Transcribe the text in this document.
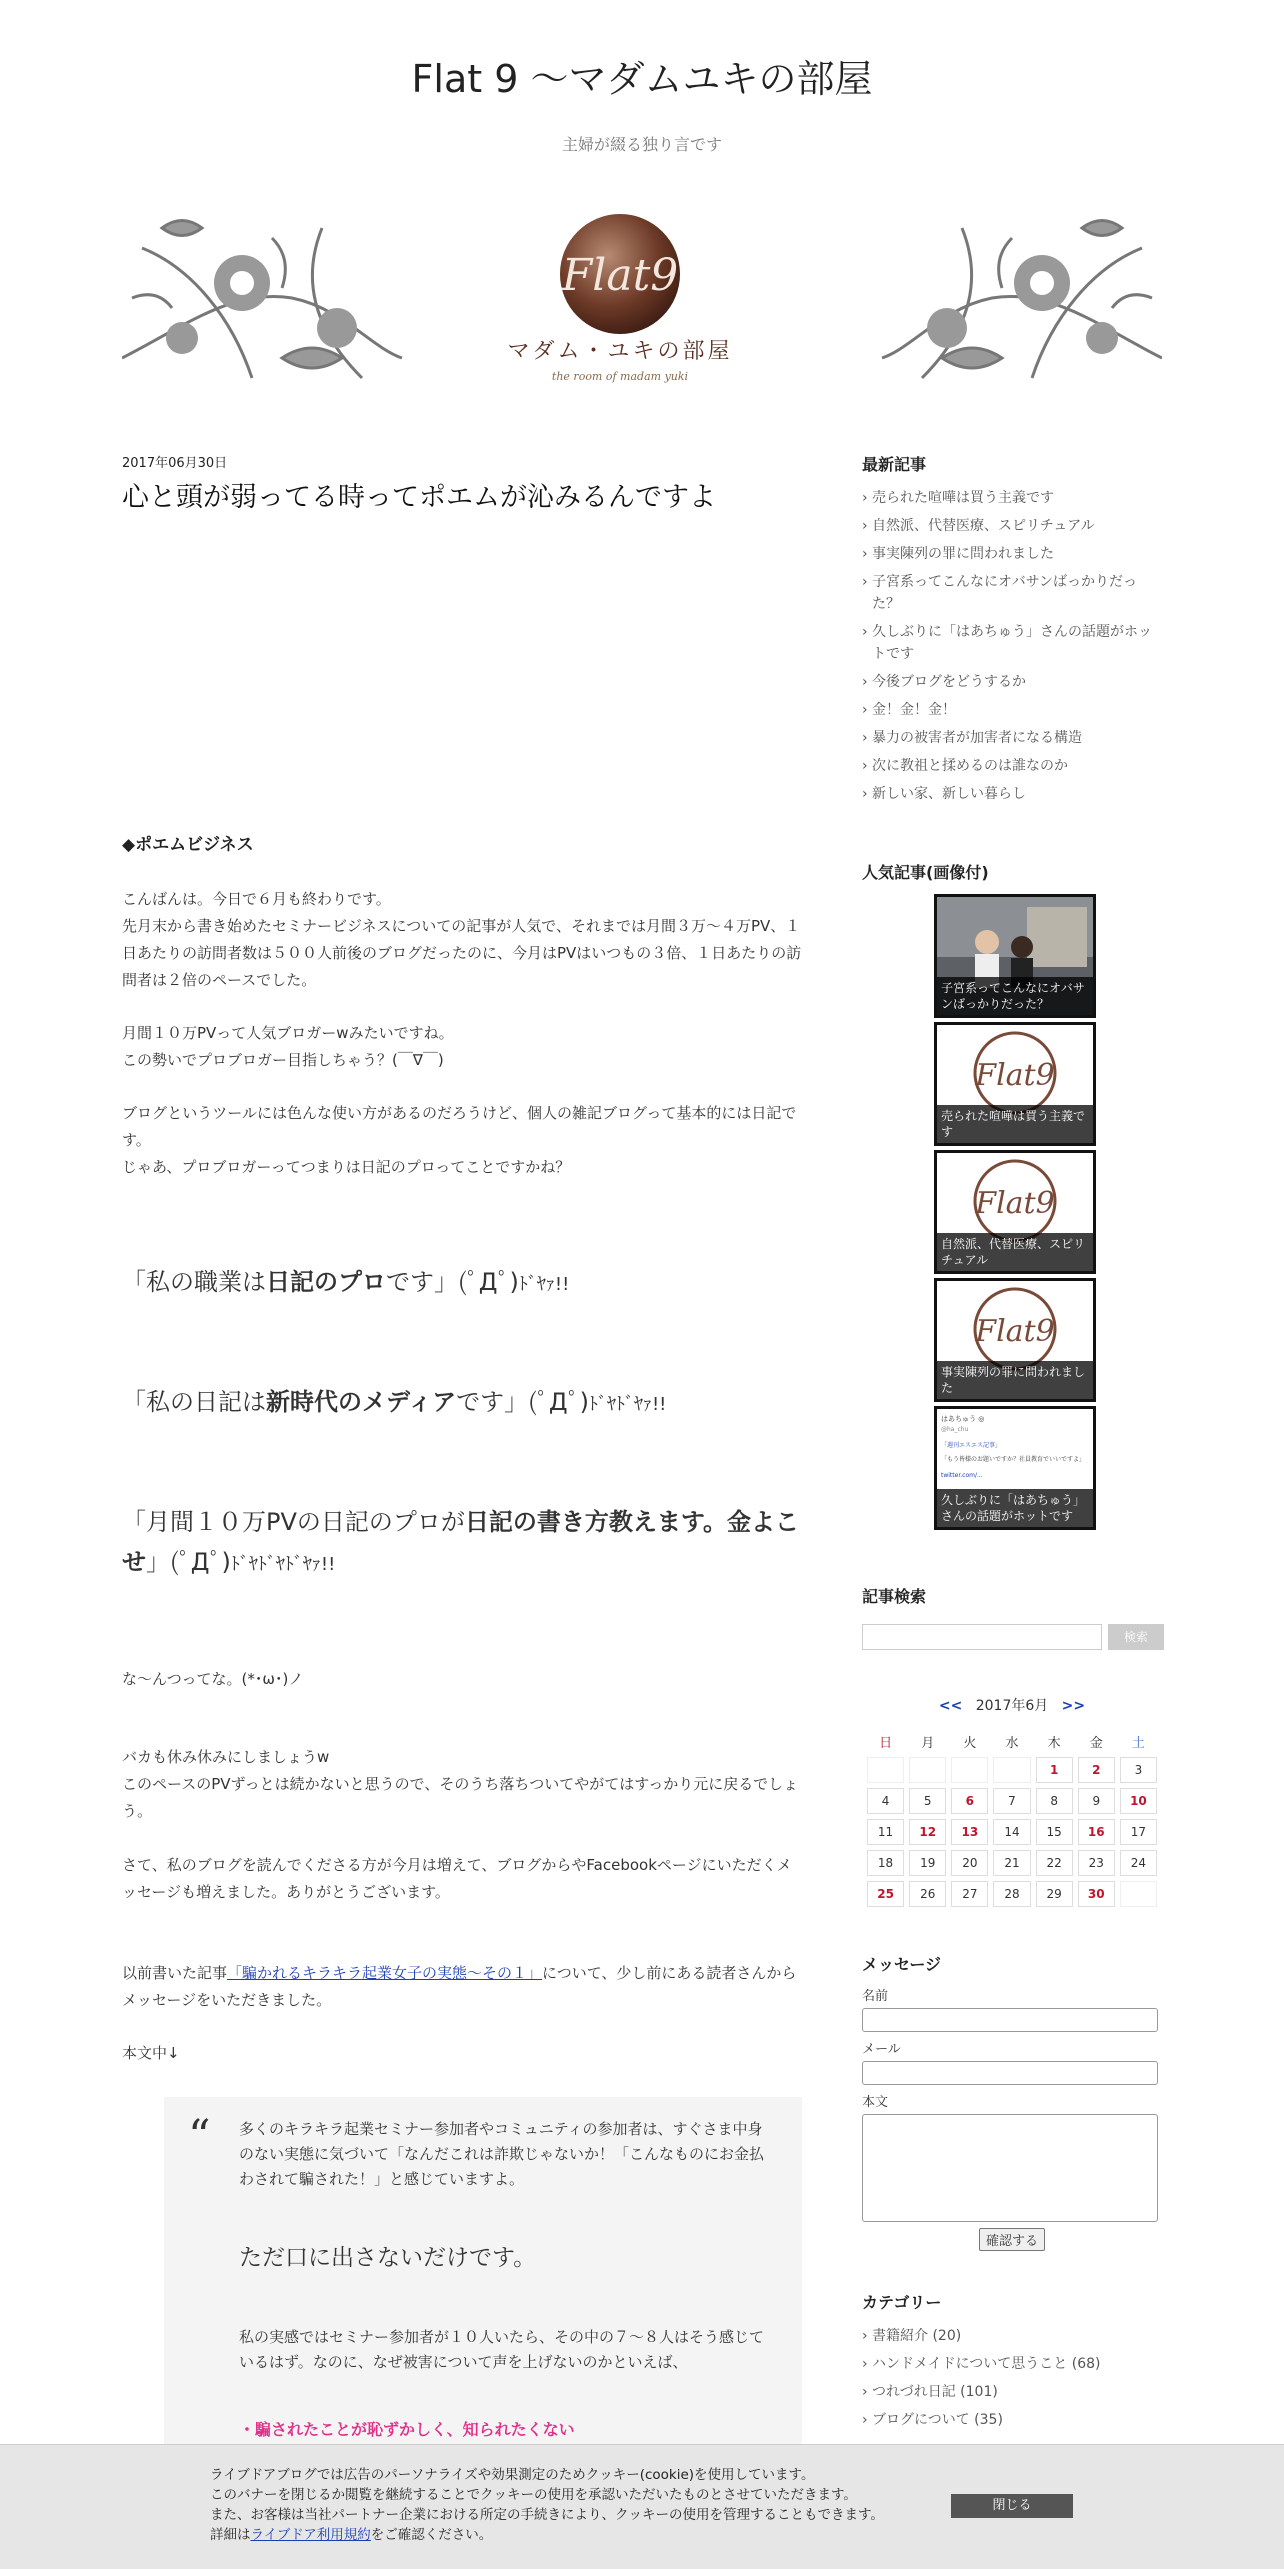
Flat 9 〜マダムユキの部屋
主婦が綴る独り言です
Flat9
マダム・ユキの部屋
the room of madam yuki
2017年06月30日
心と頭が弱ってる時ってポエムが沁みるんですよ
◆ポエムビジネス
こんばんは。今日で６月も終わりです。
先月末から書き始めたセミナービジネスについての記事が人気で、それまでは月間３万〜４万PV、１日あたりの訪問者数は５００人前後のブログだったのに、今月はPVはいつもの３倍、１日あたりの訪問者は２倍のペースでした。
月間１０万PVって人気ブロガーwみたいですね。
この勢いでプロブロガー目指しちゃう？(￣∇￣)
ブログというツールには色んな使い方があるのだろうけど、個人の雑記ブログって基本的には日記です。
じゃあ、プロブロガーってつまりは日記のプロってことですかね？
「私の職業は日記のプロです」(ﾟДﾟ)ﾄﾞﾔｧ!!
「私の日記は新時代のメディアです」(ﾟДﾟ)ﾄﾞﾔﾄﾞﾔｧ!!
「月間１０万PVの日記のプロが日記の書き方教えます。金よこせ」(ﾟДﾟ)ﾄﾞﾔﾄﾞﾔﾄﾞﾔｧ!!
な〜んつってな。(*･ω･)ノ
バカも休み休みにしましょうw
このペースのPVずっとは続かないと思うので、そのうち落ちついてやがてはすっかり元に戻るでしょう。
さて、私のブログを読んでくださる方が今月は増えて、ブログからやFacebookページにいただくメッセージも増えました。ありがとうございます。
以前書いた記事「騙かれるキラキラ起業女子の実態〜その１」について、少し前にある読者さんからメッセージをいただきました。
本文中↓
“ 多くのキラキラ起業セミナー参加者やコミュニティの参加者は、すぐさま中身のない実態に気づいて「なんだこれは詐欺じゃないか！「こんなものにお金払わされて騙された！」と感じていますよ。
ただ口に出さないだけです。
私の実感ではセミナー参加者が１０人いたら、その中の７〜８人はそう感じているはず。なのに、なぜ被害について声を上げないのかといえば、
・騙されたことが恥ずかしく、知られたくない
最新記事
› 売られた喧嘩は買う主義です
› 自然派、代替医療、スピリチュアル
› 事実陳列の罪に問われました
› 子宮系ってこんなにオバサンばっかりだった？
› 久しぶりに「はあちゅう」さんの話題がホットです
› 今後ブログをどうするか
› 金！金！金！
› 暴力の被害者が加害者になる構造
› 次に教祖と揉めるのは誰なのか
› 新しい家、新しい暮らし
人気記事(画像付)
子宮系ってこんなにオバサンばっかりだった？
Flat9
売られた喧嘩は買う主義です
Flat9
自然派、代替医療、スピリチュアル
Flat9
事実陳列の罪に問われました
はあちゅう ◎
@ha_chu
「週刊エスエス記事」
「もう皆様のお題いですか？社員教育でいいですよ」
twitter.com/...
久しぶりに「はあちゅう」さんの話題がホットです
記事検索
検索
<< 2017年6月 >>
日	月	火	水	木	金	土
				1	2	3
4	5	6	7	8	9	10
11	12	13	14	15	16	17
18	19	20	21	22	23	24
25	26	27	28	29	30	
メッセージ
名前
メール
本文
確認する
カテゴリー
› 書籍紹介 (20)
› ハンドメイドについて思うこと (68)
› つれづれ日記 (101)
› ブログについて (35)
ライブドアブログでは広告のパーソナライズや効果測定のためクッキー(cookie)を使用しています。
このバナーを閉じるか閲覧を継続することでクッキーの使用を承認いただいたものとさせていただきます。
また、お客様は当社パートナー企業における所定の手続きにより、クッキーの使用を管理することもできます。
詳細はライブドア利用規約をご確認ください。
閉じる
